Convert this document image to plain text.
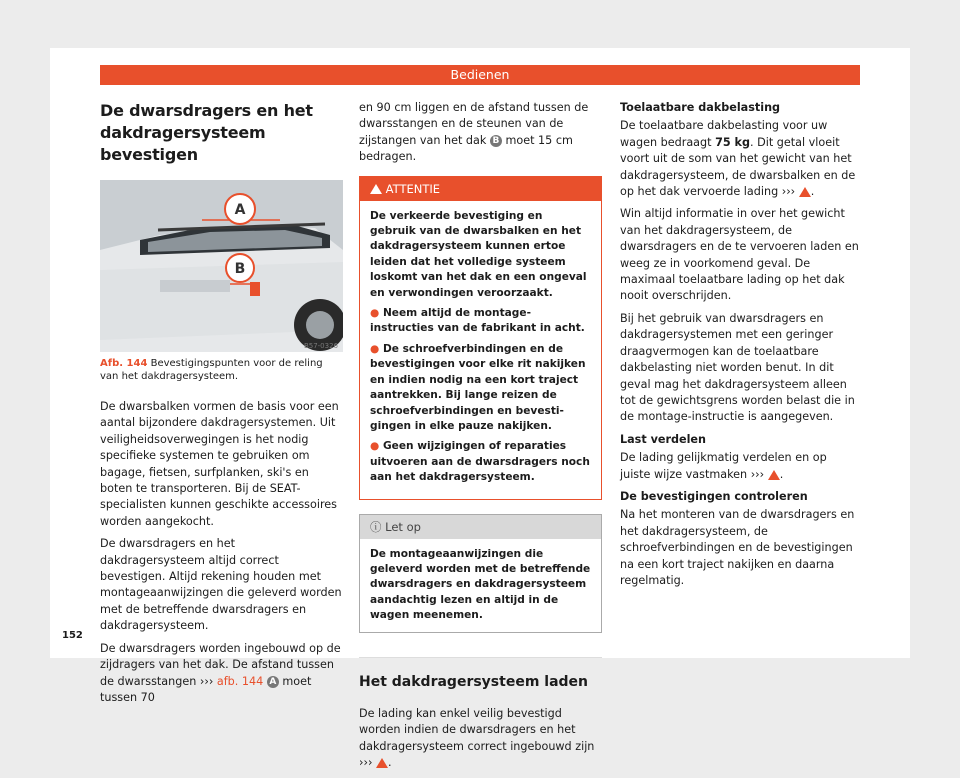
Bedienen
De dwarsdragers en het dakdragersysteem bevestigen
A
B
B57-0326
Afb. 144 Bevestigingspunten voor de reling van het dakdragersysteem.

De dwarsbalken vormen de basis voor een aantal bijzondere dakdragersystemen. Uit veiligheidsoverwegingen is het nodig specifieke systemen te gebruiken om bagage, fietsen, surfplanken, ski's en boten te transporteren. Bij de SEAT-specialisten kunnen geschikte accessoires worden aangekocht.

De dwarsdragers en het dakdragersysteem altijd correct bevestigen. Altijd rekening houden met montageaanwijzingen die geleverd worden met de betreffende dwarsdragers en dakdragersysteem.

De dwarsdragers worden ingebouwd op de zijdragers van het dak. De afstand tussen de dwarsstangen ››› afb. 144 A moet tussen 70

en 90 cm liggen en de afstand tussen de dwarsstangen en de steunen van de zijstangen van het dak B moet 15 cm bedragen.

ATTENTIE

De verkeerde bevestiging en gebruik van de dwarsbalken en het dakdragersysteem kunnen ertoe leiden dat het volledige systeem loskomt van het dak en een ongeval en verwondingen veroorzaakt.

● Neem altijd de montage-instructies van de fabrikant in acht.

● De schroefverbindingen en de bevestigingen voor elke rit nakijken en indien nodig na een kort traject aantrekken. Bij lange reizen de schroefverbindingen en bevestigingen in elke pauze nakijken.

● Geen wijzigingen of reparaties uitvoeren aan de dwarsdragers noch aan het dakdragersysteem.

ⓘ Let op
De montageaanwijzingen die geleverd worden met de betreffende dwarsdragers en dakdragersysteem aandachtig lezen en altijd in de wagen meenemen.
Het dakdragersysteem laden

De lading kan enkel veilig bevestigd worden indien de dwarsdragers en het dakdragersysteem correct ingebouwd zijn ››› .

Toelaatbare dakbelasting

De toelaatbare dakbelasting voor uw wagen bedraagt 75 kg. Dit getal vloeit voort uit de som van het gewicht van het dakdragersysteem, de dwarsbalken en de op het dak vervoerde lading ››› .

Win altijd informatie in over het gewicht van het dakdragersysteem, de dwarsdragers en de te vervoeren laden en weeg ze in voorkomend geval. De maximaal toelaatbare lading op het dak nooit overschrijden.

Bij het gebruik van dwarsdragers en dakdragersystemen met een geringer draagvermogen kan de toelaatbare dakbelasting niet worden benut. In dit geval mag het dakdragersysteem alleen tot de gewichtsgrens worden belast die in de montage-instructie is aangegeven.

Last verdelen

De lading gelijkmatig verdelen en op juiste wijze vastmaken ››› .

De bevestigingen controleren

Na het monteren van de dwarsdragers en het dakdragersysteem, de schroefverbindingen en de bevestigingen na een kort traject nakijken en daarna regelmatig.

152
